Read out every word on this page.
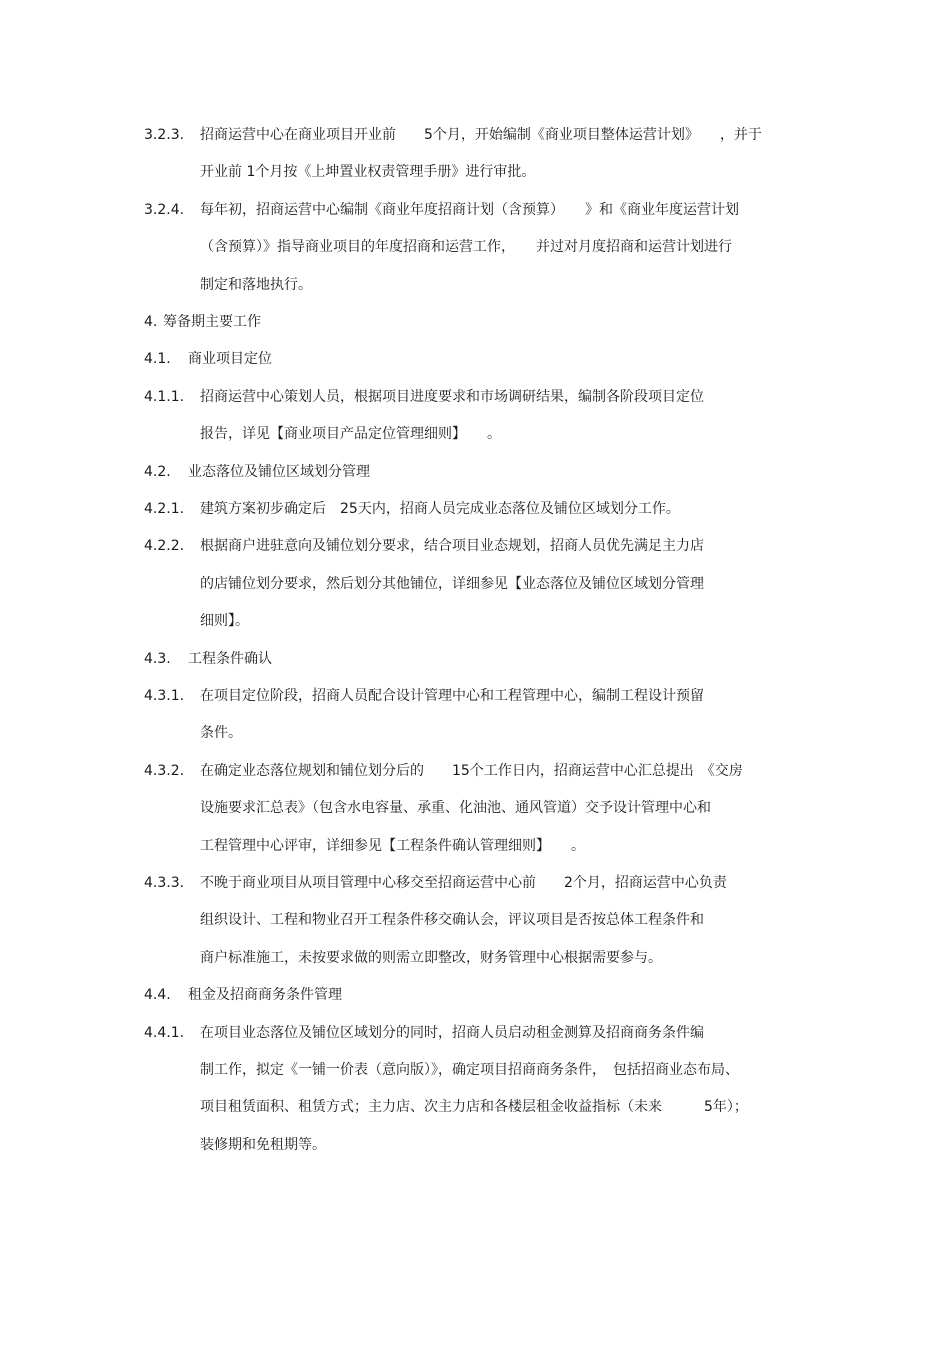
3.2.3. 招商运营中心在商业项目开业前　　5个月，开始编制《商业项目整体运营计划》　　，并于
开业前 1个月按《上坤置业权责管理手册》进行审批。
3.2.4. 每年初，招商运营中心编制《商业年度招商计划（含预算）　　》和《商业年度运营计划
（含预算）》指导商业项目的年度招商和运营工作，　　并过对月度招商和运营计划进行
制定和落地执行。
4. 筹备期主要工作
4.1. 商业项目定位
4.1.1. 招商运营中心策划人员，根据项目进度要求和市场调研结果，编制各阶段项目定位
报告，详见【商业项目产品定位管理细则】　　。
4.2. 业态落位及铺位区域划分管理
4.2.1. 建筑方案初步确定后　25天内，招商人员完成业态落位及铺位区域划分工作。
4.2.2. 根据商户进驻意向及铺位划分要求，结合项目业态规划，招商人员优先满足主力店
的店铺位划分要求，然后划分其他铺位，详细参见【业态落位及铺位区域划分管理
细则】。
4.3. 工程条件确认
4.3.1. 在项目定位阶段，招商人员配合设计管理中心和工程管理中心，编制工程设计预留
条件。
4.3.2. 在确定业态落位规划和铺位划分后的　　15个工作日内，招商运营中心汇总提出　《交房
设施要求汇总表》（包含水电容量、承重、化油池、通风管道）交予设计管理中心和
工程管理中心评审，详细参见【工程条件确认管理细则】　　。
4.3.3. 不晚于商业项目从项目管理中心移交至招商运营中心前　　2个月，招商运营中心负责
组织设计、工程和物业召开工程条件移交确认会，评议项目是否按总体工程条件和
商户标准施工，未按要求做的则需立即整改，财务管理中心根据需要参与。
4.4. 租金及招商商务条件管理
4.4.1. 在项目业态落位及铺位区域划分的同时，招商人员启动租金测算及招商商务条件编
制工作，拟定《一铺一价表（意向版）》，确定项目招商商务条件，　包括招商业态布局、
项目租赁面积、租赁方式；主力店、次主力店和各楼层租金收益指标（未来　　　5年）；
装修期和免租期等。
